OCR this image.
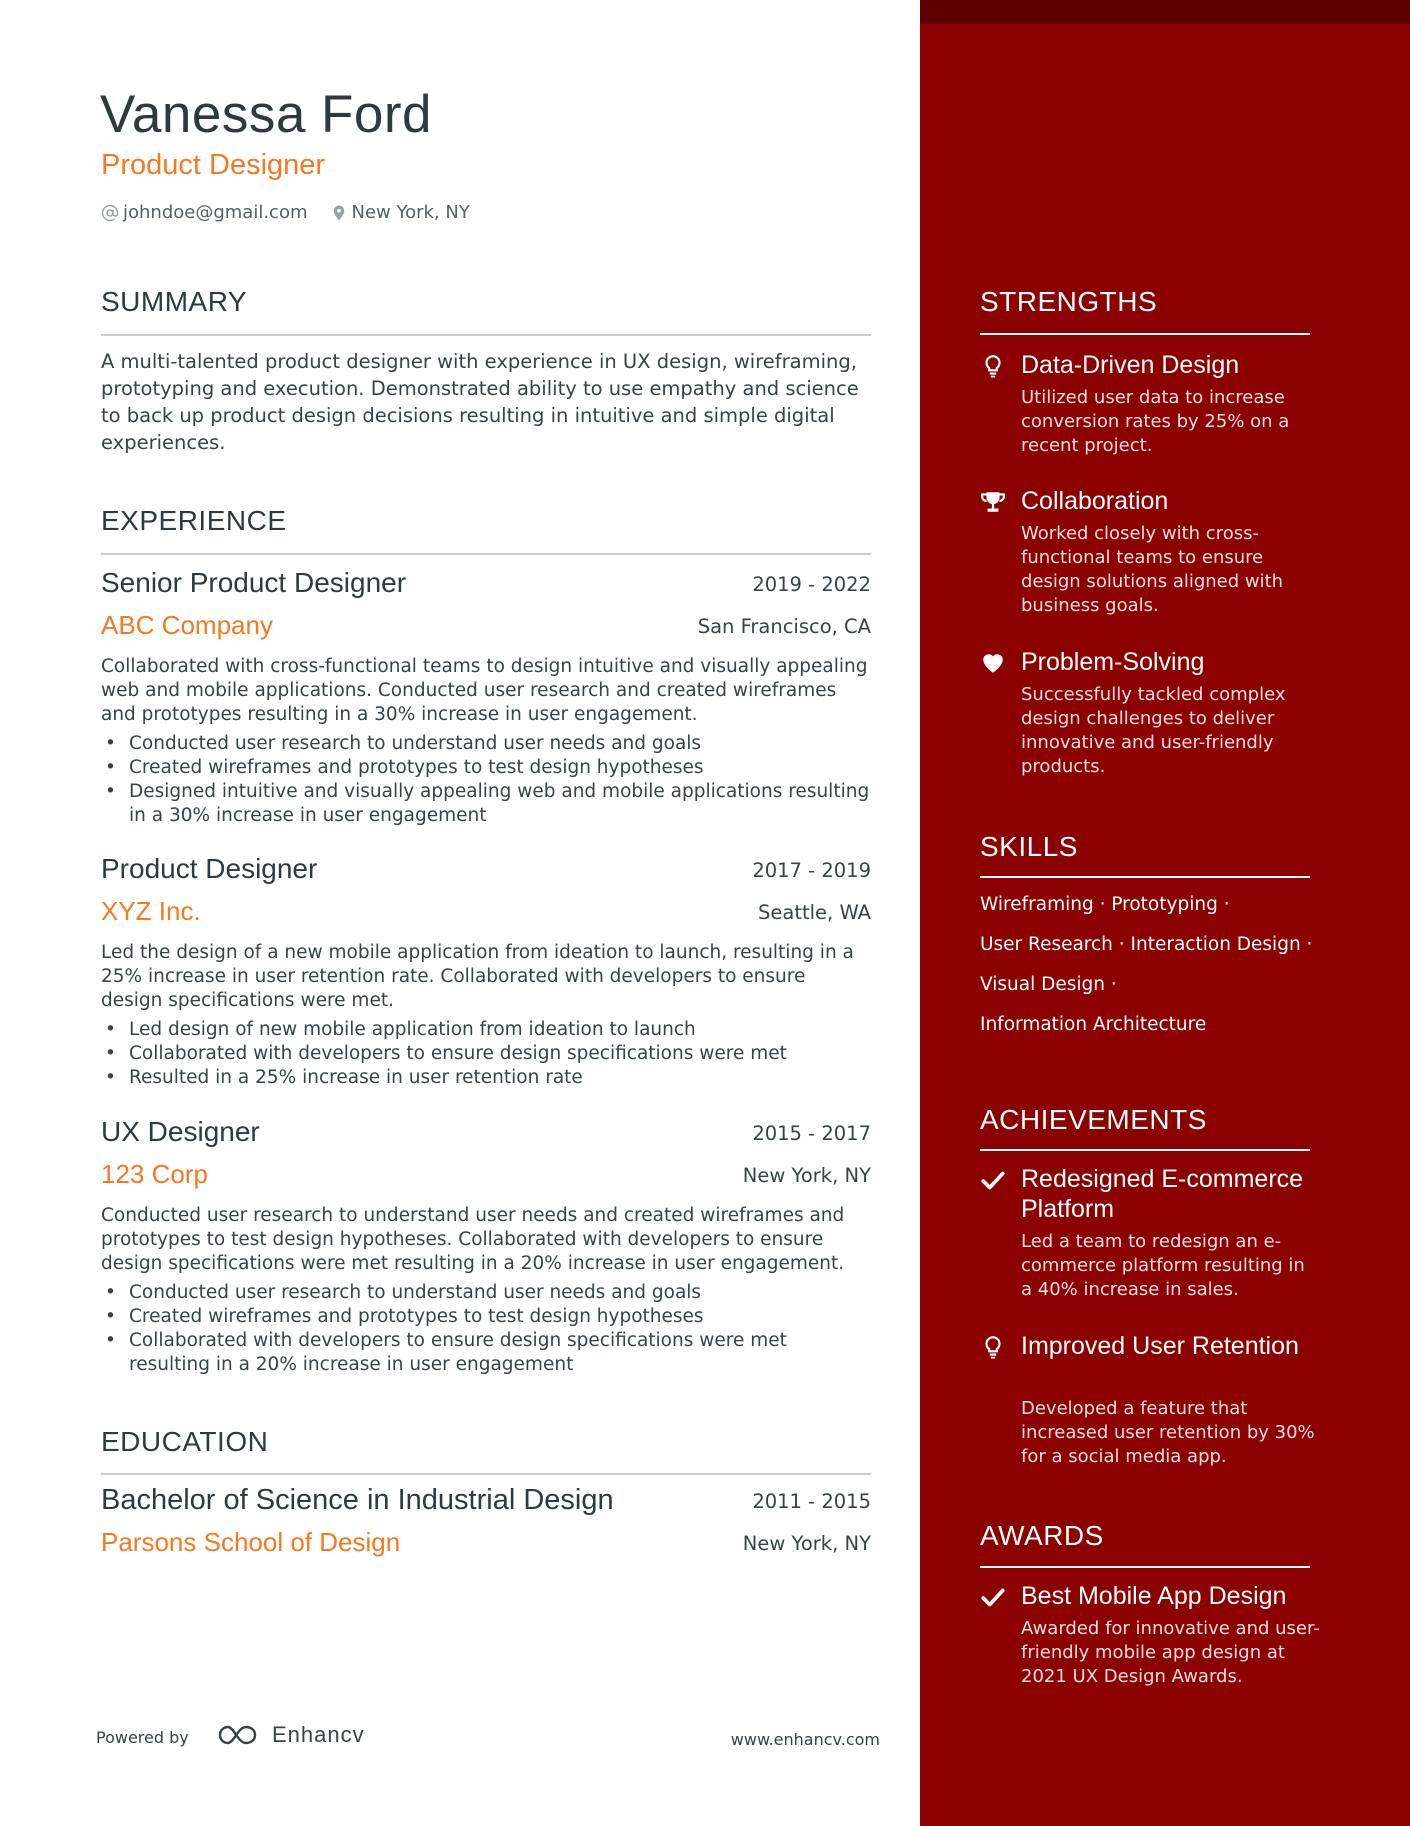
Vanessa Ford
Product Designer
johndoe@gmail.com New York, NY
SUMMARY
A multi-talented product designer with experience in UX design, wireframing, prototyping and execution. Demonstrated ability to use empathy and science to back up product design decisions resulting in intuitive and simple digital experiences.
EXPERIENCE
Senior Product Designer	2019 - 2022
ABC Company	San Francisco, CA
Collaborated with cross-functional teams to design intuitive and visually appealing web and mobile applications. Conducted user research and created wireframes and prototypes resulting in a 30% increase in user engagement.
• Conducted user research to understand user needs and goals
• Created wireframes and prototypes to test design hypotheses
• Designed intuitive and visually appealing web and mobile applications resulting in a 30% increase in user engagement
Product Designer	2017 - 2019
XYZ Inc.	Seattle, WA
Led the design of a new mobile application from ideation to launch, resulting in a 25% increase in user retention rate. Collaborated with developers to ensure design specifications were met.
• Led design of new mobile application from ideation to launch
• Collaborated with developers to ensure design specifications were met
• Resulted in a 25% increase in user retention rate
UX Designer	2015 - 2017
123 Corp	New York, NY
Conducted user research to understand user needs and created wireframes and prototypes to test design hypotheses. Collaborated with developers to ensure design specifications were met resulting in a 20% increase in user engagement.
• Conducted user research to understand user needs and goals
• Created wireframes and prototypes to test design hypotheses
• Collaborated with developers to ensure design specifications were met resulting in a 20% increase in user engagement
EDUCATION
Bachelor of Science in Industrial Design	2011 - 2015
Parsons School of Design	New York, NY
Powered by	Enhancv	www.enhancv.com
STRENGTHS
Data-Driven Design
Utilized user data to increase conversion rates by 25% on a recent project.
Collaboration
Worked closely with cross-functional teams to ensure design solutions aligned with business goals.
Problem-Solving
Successfully tackled complex design challenges to deliver innovative and user-friendly products.
SKILLS
Wireframing · Prototyping ·
User Research · Interaction Design ·
Visual Design ·
Information Architecture
ACHIEVEMENTS
Redesigned E-commerce Platform
Led a team to redesign an e-commerce platform resulting in a 40% increase in sales.
Improved User Retention
Developed a feature that increased user retention by 30% for a social media app.
AWARDS
Best Mobile App Design
Awarded for innovative and user-friendly mobile app design at 2021 UX Design Awards.
